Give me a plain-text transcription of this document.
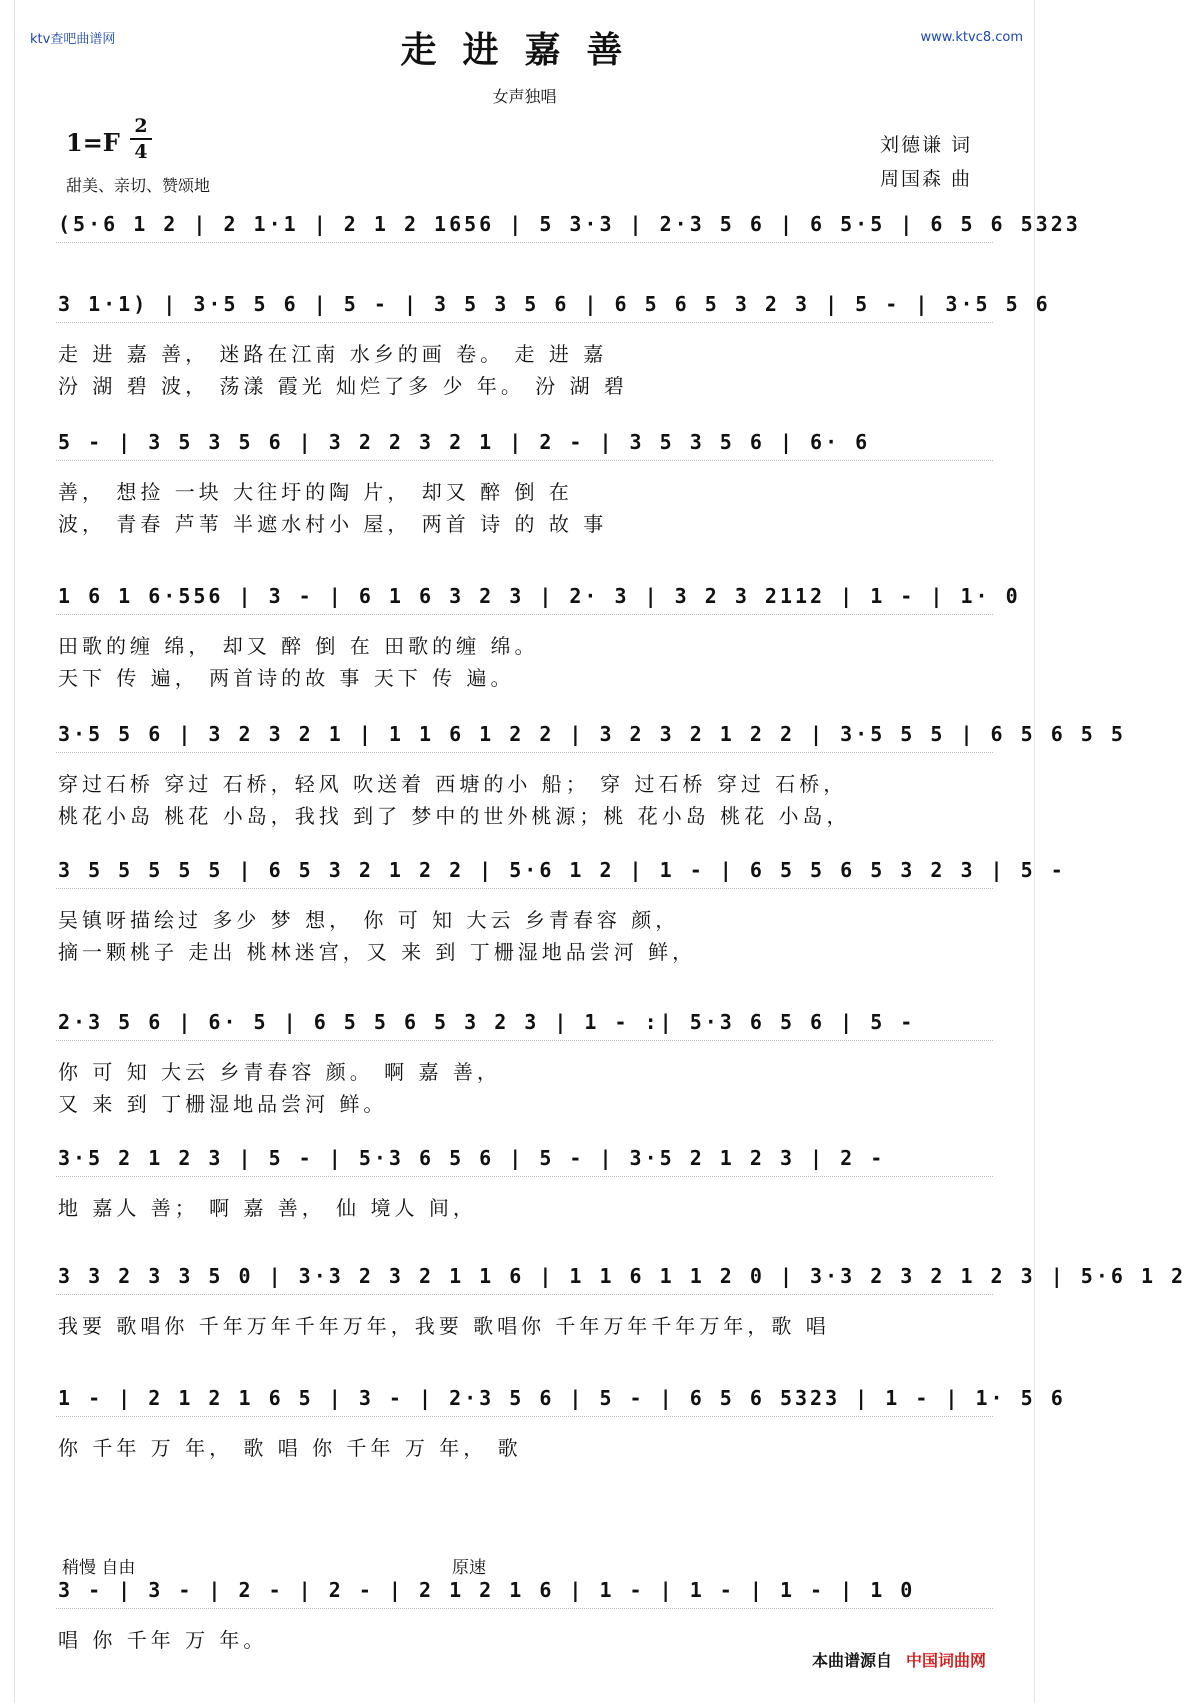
ktv查吧曲谱网	www.ktvc8.com
走进嘉善
女声独唱
1=F
2
4
甜美、亲切、赞颂地
刘德谦 词
周国森 曲
(5·6 1 2 | 2 1·1 | 2 1 2 1656 | 5 3·3 | 2·3 5 6 | 6 5·5 | 6 5 6 5323
3 1·1) | 3·5 5 6 | 5 - | 3 5 3 5 6 | 6 5 6 5 3 2 3 | 5 - | 3·5 5 6
走 进 嘉 善， 迷路在江南 水乡的画 卷。 走 进 嘉
汾 湖 碧 波， 荡漾 霞光 灿烂了多 少 年。 汾 湖 碧
5 - | 3 5 3 5 6 | 3 2 2 3 2 1 | 2 - | 3 5 3 5 6 | 6· 6
善， 想捡 一块 大往圩的陶 片， 却又 醉 倒 在
波， 青春 芦苇 半遮水村小 屋， 两首 诗 的 故 事
1 6 1 6·556 | 3 - | 6 1 6 3 2 3 | 2· 3 | 3 2 3 2112 | 1 - | 1· 0
田歌的缠 绵， 却又 醉 倒 在 田歌的缠 绵。
天下 传 遍， 两首诗的故 事 天下 传 遍。
3·5 5 6 | 3 2 3 2 1 | 1 1 6 1 2 2 | 3 2 3 2 1 2 2 | 3·5 5 5 | 6 5 6 5 5
穿过石桥 穿过 石桥，轻风 吹送着 西塘的小 船； 穿 过石桥 穿过 石桥，
桃花小岛 桃花 小岛，我找 到了 梦中的世外桃源；桃 花小岛 桃花 小岛，
3 5 5 5 5 5 | 6 5 3 2 1 2 2 | 5·6 1 2 | 1 - | 6 5 5 6 5 3 2 3 | 5 -
吴镇呀描绘过 多少 梦 想， 你 可 知 大云 乡青春容 颜，
摘一颗桃子 走出 桃林迷宫，又 来 到 丁栅湿地品尝河 鲜，
2·3 5 6 | 6· 5 | 6 5 5 6 5 3 2 3 | 1 - :| 5·3 6 5 6 | 5 -
你 可 知 大云 乡青春容 颜。 啊 嘉 善，
又 来 到 丁栅湿地品尝河 鲜。
3·5 2 1 2 3 | 5 - | 5·3 6 5 6 | 5 - | 3·5 2 1 2 3 | 2 -
地 嘉人 善； 啊 嘉 善， 仙 境人 间，
3 3 2 3 3 5 0 | 3·3 2 3 2 1 1 6 | 1 1 6 1 1 2 0 | 3·3 2 3 2 1 2 3 | 5·6 1 2
我要 歌唱你 千年万年千年万年，我要 歌唱你 千年万年千年万年，歌 唱
1 - | 2 1 2 1 6 5 | 3 - | 2·3 5 6 | 5 - | 6 5 6 5323 | 1 - | 1· 5 6
你 千年 万 年， 歌 唱 你 千年 万 年， 歌
3 - | 3 - | 2 - | 2 - | 2 1 2 1 6 | 1 - | 1 - | 1 - | 1 0
唱 你 千年 万 年。
稍慢 自由	原速
本曲谱源自 中国词曲网
